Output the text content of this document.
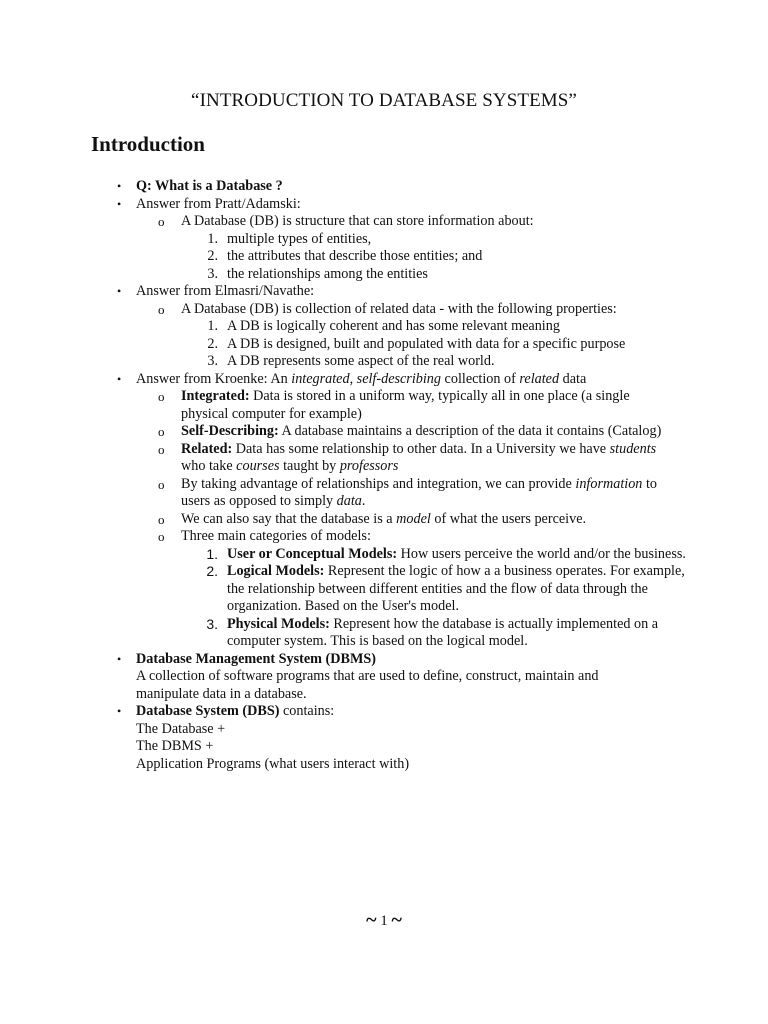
“INTRODUCTION TO DATABASE SYSTEMS”
Introduction
• Q: What is a Database ?
• Answer from Pratt/Adamski:
o A Database (DB) is structure that can store information about:
1. multiple types of entities,
2. the attributes that describe those entities; and
3. the relationships among the entities
• Answer from Elmasri/Navathe:
o A Database (DB) is collection of related data - with the following properties:
1. A DB is logically coherent and has some relevant meaning
2. A DB is designed, built and populated with data for a specific purpose
3. A DB represents some aspect of the real world.
• Answer from Kroenke: An integrated, self-describing collection of related data
o Integrated: Data is stored in a uniform way, typically all in one place (a single physical computer for example)
o Self-Describing: A database maintains a description of the data it contains (Catalog)
o Related: Data has some relationship to other data. In a University we have students who take courses taught by professors
o By taking advantage of relationships and integration, we can provide information to users as opposed to simply data.
o We can also say that the database is a model of what the users perceive.
o Three main categories of models:
1. User or Conceptual Models: How users perceive the world and/or the business.
2. Logical Models: Represent the logic of how a a business operates. For example, the relationship between different entities and the flow of data through the organization. Based on the User's model.
3. Physical Models: Represent how the database is actually implemented on a computer system. This is based on the logical model.
• Database Management System (DBMS)
A collection of software programs that are used to define, construct, maintain and manipulate data in a database.
• Database System (DBS) contains:
The Database +
The DBMS +
Application Programs (what users interact with)
~ 1 ~
